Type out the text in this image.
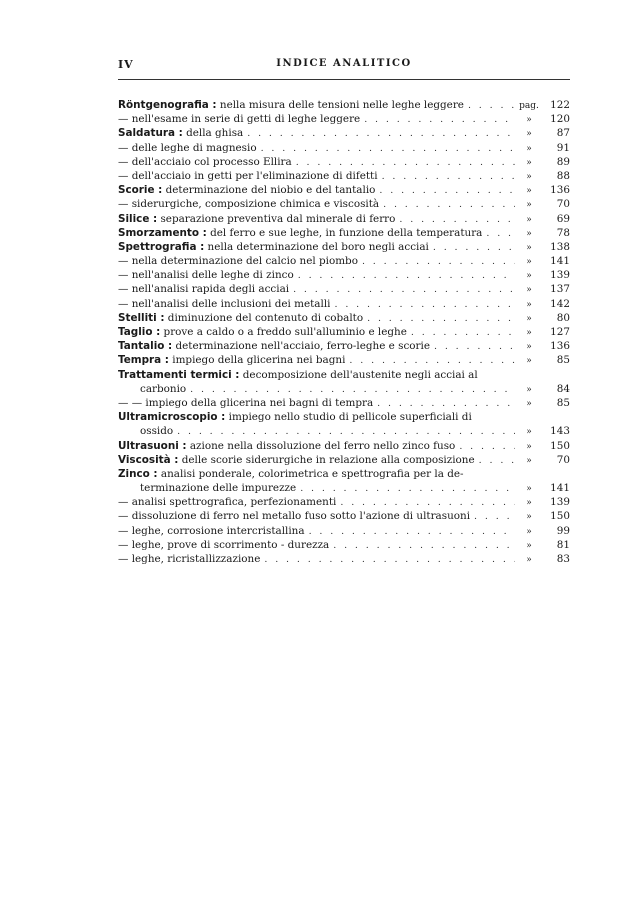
IV	INDICE ANALITICO
Röntgenografia : nella misura delle tensioni nelle leghe leggere . . .	pag.	122
— nell'esame in serie di getti di leghe leggere . . .	»	120
Saldatura : della ghisa . . .	»	87
— delle leghe di magnesio . . .	»	91
— dell'acciaio col processo Ellira . . .	»	89
— dell'acciaio in getti per l'eliminazione di difetti . . .	»	88
Scorie : determinazione del niobio e del tantalio . . .	»	136
— siderurgiche, composizione chimica e viscosità . . .	»	70
Silice : separazione preventiva dal minerale di ferro . . .	»	69
Smorzamento : del ferro e sue leghe, in funzione della temperatura . . .	»	78
Spettrografia : nella determinazione del boro negli acciai . . .	»	138
— nella determinazione del calcio nel piombo . . .	»	141
— nell'analisi delle leghe di zinco . . .	»	139
— nell'analisi rapida degli acciai . . .	»	137
— nell'analisi delle inclusioni dei metalli . . .	»	142
Stelliti : diminuzione del contenuto di cobalto . . .	»	80
Taglio : prove a caldo o a freddo sull'alluminio e leghe . . .	»	127
Tantalio : determinazione nell'acciaio, ferro-leghe e scorie . . .	»	136
Tempra : impiego della glicerina nei bagni . . .	»	85
Trattamenti termici : decomposizione dell'austenite negli acciai al
carbonio . . .	»	84
— — impiego della glicerina nei bagni di tempra . . .	»	85
Ultramicroscopio : impiego nello studio di pellicole superficiali di
ossido . . .	»	143
Ultrasuoni : azione nella dissoluzione del ferro nello zinco fuso . . .	»	150
Viscosità : delle scorie siderurgiche in relazione alla composizione . . .	»	70
Zinco : analisi ponderale, colorimetrica e spettrografia per la de-
terminazione delle impurezze . . .	»	141
— analisi spettrografica, perfezionamenti . . .	»	139
— dissoluzione di ferro nel metallo fuso sotto l'azione di ultrasuoni . . .	»	150
— leghe, corrosione intercristallina . . .	»	99
— leghe, prove di scorrimento - durezza . . .	»	81
— leghe, ricristallizzazione . . .	»	83
